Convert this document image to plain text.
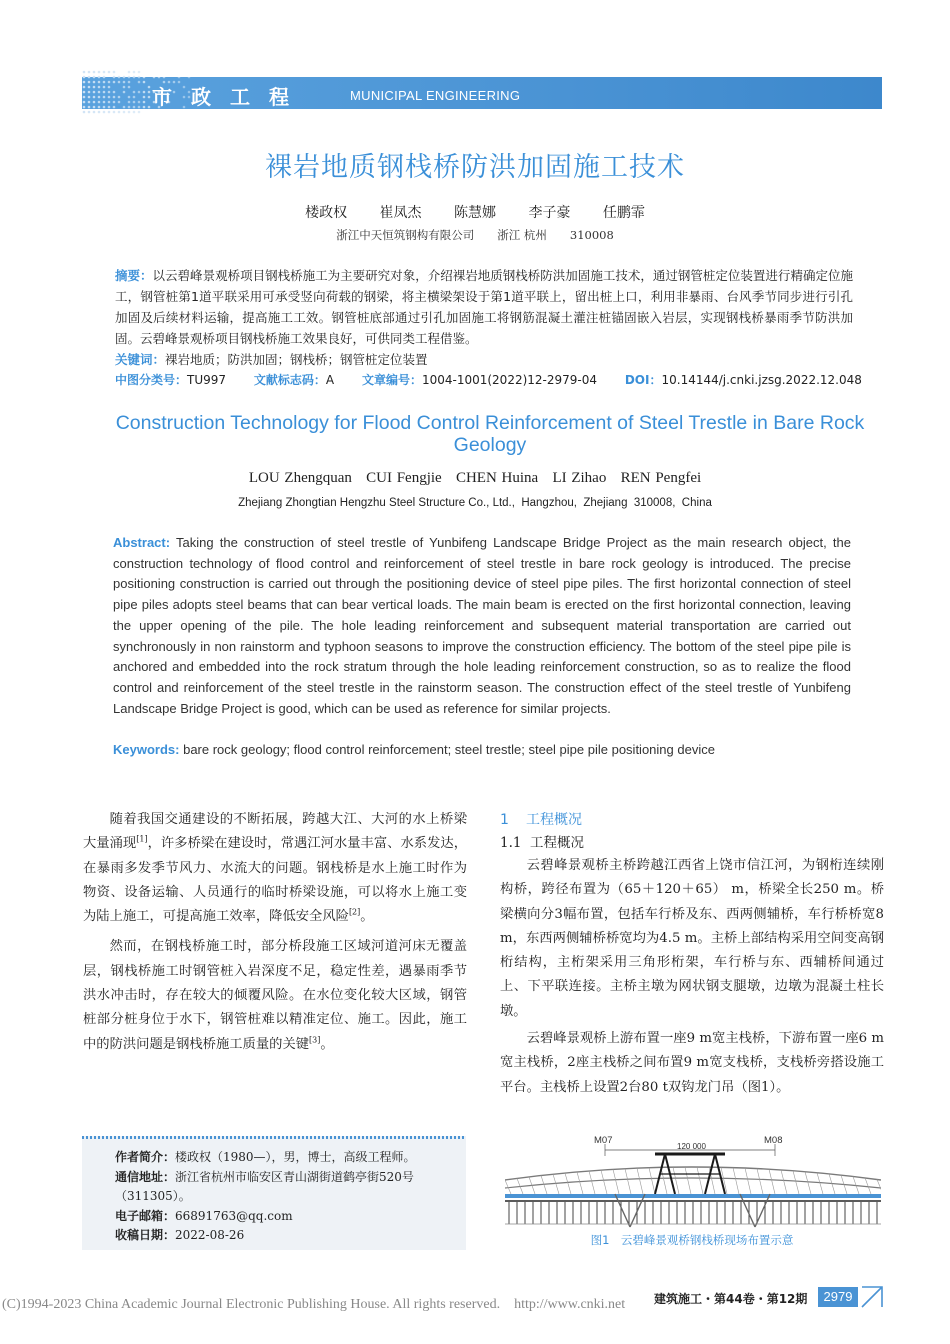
市政工程	MUNICIPAL ENGINEERING
裸岩地质钢栈桥防洪加固施工技术
楼政权 崔凤杰 陈慧娜 李子豪 任鹏霏
浙江中天恒筑钢构有限公司　　浙江 杭州　　310008
摘要：以云碧峰景观桥项目钢栈桥施工为主要研究对象，介绍裸岩地质钢栈桥防洪加固施工技术，通过钢管桩定位装置进行精确定位施工，钢管桩第1道平联采用可承受竖向荷载的钢梁，将主横梁架设于第1道平联上，留出桩上口，利用非暴雨、台风季节同步进行引孔加固及后续材料运输，提高施工工效。钢管桩底部通过引孔加固施工将钢筋混凝土灌注桩锚固嵌入岩层，实现钢栈桥暴雨季节防洪加固。云碧峰景观桥项目钢栈桥施工效果良好，可供同类工程借鉴。
关键词：裸岩地质；防洪加固；钢栈桥；钢管桩定位装置
中图分类号：TU997 文献标志码：A 文章编号：1004-1001(2022)12-2979-04 DOI：10.14144/j.cnki.jzsg.2022.12.048
Construction Technology for Flood Control Reinforcement of Steel Trestle in Bare Rock Geology
LOU Zhengquan   CUI Fengjie   CHEN Huina   LI Zihao   REN Pengfei
Zhejiang Zhongtian Hengzhu Steel Structure Co., Ltd.,  Hangzhou,  Zhejiang  310008,  China
Abstract: Taking the construction of steel trestle of Yunbifeng Landscape Bridge Project as the main research object, the construction technology of flood control and reinforcement of steel trestle in bare rock geology is introduced. The precise positioning construction is carried out through the positioning device of steel pipe piles. The first horizontal connection of steel pipe piles adopts steel beams that can bear vertical loads. The main beam is erected on the first horizontal connection, leaving the upper opening of the pile. The hole leading reinforcement and subsequent material transportation are carried out synchronously in non rainstorm and typhoon seasons to improve the construction efficiency. The bottom of the steel pipe pile is anchored and embedded into the rock stratum through the hole leading reinforcement construction, so as to realize the flood control and reinforcement of the steel trestle in the rainstorm season. The construction effect of the steel trestle of Yunbifeng Landscape Bridge Project is good, which can be used as reference for similar projects.
Keywords: bare rock geology; flood control reinforcement; steel trestle; steel pipe pile positioning device

随着我国交通建设的不断拓展，跨越大江、大河的水上桥梁大量涌现[1]，许多桥梁在建设时，常遇江河水量丰富、水系发达，在暴雨多发季节风力、水流大的问题。钢栈桥是水上施工时作为物资、设备运输、人员通行的临时桥梁设施，可以将水上施工变为陆上施工，可提高施工效率，降低安全风险[2]。

然而，在钢栈桥施工时，部分桥段施工区域河道河床无覆盖层，钢栈桥施工时钢管桩入岩深度不足，稳定性差，遇暴雨季节洪水冲击时，存在较大的倾覆风险。在水位变化较大区域，钢管桩部分桩身位于水下，钢管桩难以精准定位、施工。因此，施工中的防洪问题是钢栈桥施工质量的关键[3]。

1 工程概况
1.1 工程概况

云碧峰景观桥主桥跨越江西省上饶市信江河，为钢桁连续刚构桥，跨径布置为（65＋120＋65） m，桥梁全长250 m。桥梁横向分3幅布置，包括车行桥及东、西两侧辅桥，车行桥桥宽8 m，东西两侧辅桥桥宽均为4.5 m。主桥上部结构采用空间变高钢桁结构，主桁架采用三角形桁架，车行桥与东、西辅桥间通过上、下平联连接。主桥主墩为网状钢支腿墩，边墩为混凝土柱长墩。

云碧峰景观桥上游布置一座9 m宽主栈桥，下游布置一座6 m宽主栈桥，2座主栈桥之间布置9 m宽支栈桥，支栈桥旁搭设施工平台。主栈桥上设置2台80 t双钩龙门吊（图1）。

作者简介：楼政权（1980—），男，博士，高级工程师。
通信地址：浙江省杭州市临安区青山湖街道鹤亭街520号（311305）。
电子邮箱：66891763@qq.com
收稿日期：2022-08-26
M07	M08
120 000
图1　云碧峰景观桥钢栈桥现场布置示意
(C)1994-2023 China Academic Journal Electronic Publishing House. All rights reserved.    http://www.cnki.net 建筑施工・第44卷・第12期	2979
